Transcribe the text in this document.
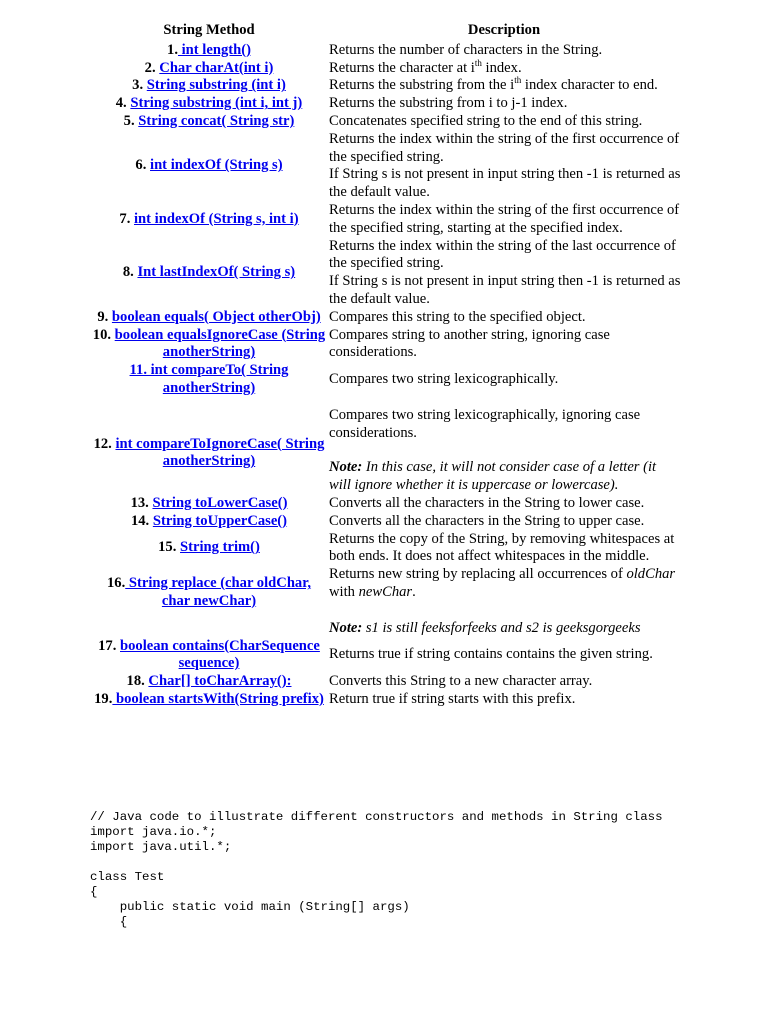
String Method	Description
1. int length()	Returns the number of characters in the String.
2. Char charAt(int i)	Returns the character at $i^{th}$ index.
3. String substring (int i)	Returns the substring from the $i^{th}$ index character to end.
4. String substring (int i, int j)	Returns the substring from i to j-1 index.
5. String concat( String str)	Concatenates specified string to the end of this string.
6. int indexOf (String s)	Returns the index within the string of the first occurrence of the specified string.
If String s is not present in input string then -1 is returned as the default value.

7. int indexOf (String s, int i)	Returns the index within the string of the first occurrence of the specified string, starting at the specified index.
8. Int lastIndexOf( String s)	Returns the index within the string of the last occurrence of the specified string.
If String s is not present in input string then -1 is returned as the default value.

9. boolean equals( Object otherObj)	Compares this string to the specified object.
10. boolean equalsIgnoreCase (String anotherString)	Compares string to another string, ignoring case considerations.
11. int compareTo( String anotherString)	Compares two string lexicographically.

12. int compareToIgnoreCase( String anotherString)	Compares two string lexicographically, ignoring case considerations.
Note: In this case, it will not consider case of a letter (it will ignore whether it is uppercase or lowercase).

13. String toLowerCase()	Converts all the characters in the String to lower case.
14. String toUpperCase()	Converts all the characters in the String to upper case.
15. String trim()	Returns the copy of the String, by removing whitespaces at both ends. It does not affect whitespaces in the middle.
16. String replace (char oldChar, char newChar)	Returns new string by replacing all occurrences of oldChar with newChar.
Note: s1 is still feeksforfeeks and s2 is geeksgorgeeks

17. boolean contains(CharSequence sequence)	Returns true if string contains contains the given string.
18. Char[] toCharArray():	Converts this String to a new character array.
19. boolean startsWith(String prefix)	Return true if string starts with this prefix.
// Java code to illustrate different constructors and methods in String class
import java.io.*;
import java.util.*;

class Test
{
public static void main (String[] args)
{
